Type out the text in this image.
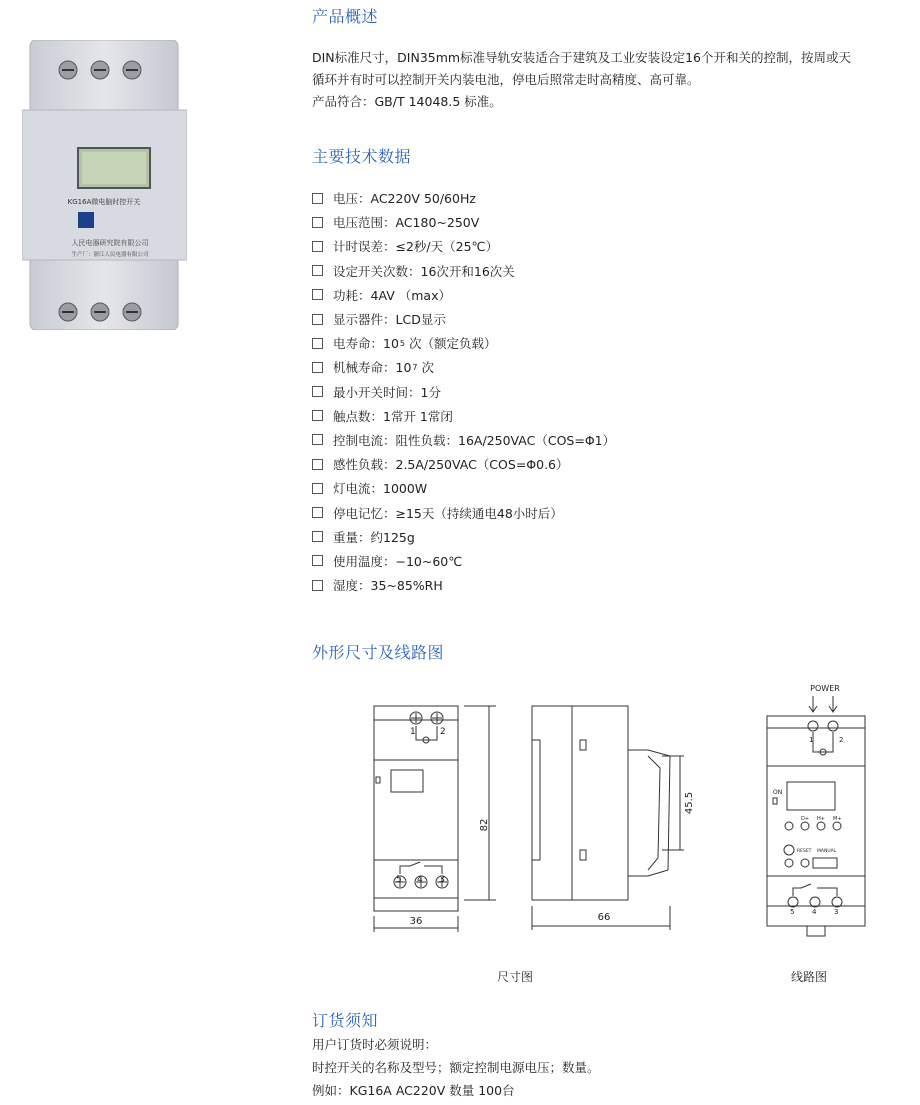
KG16A微电脑时控开关
人民电器研究院有限公司
生产厂：浙江人民电器有限公司
产品概述
DIN标准尺寸，DIN35mm标准导轨安装适合于建筑及工业安装设定16个开和关的控制，按周或天
循环并有时可以控制开关内装电池，停电后照常走时高精度、高可靠。
产品符合：GB/T 14048.5 标准。
主要技术数据
电压：AC220V 50/60Hz
电压范围：AC180~250V
计时误差：≤2秒/天（25℃）
设定开关次数：16次开和16次关
功耗：4AV （max）
显示器件：LCD显示
电寿命：10 5 次（额定负载）
机械寿命：10 7 次
最小开关时间：1分
触点数：1常开 1常闭
控制电流：阻性负载：16A/250VAC（COS=Φ1）
感性负载：2.5A/250VAC（COS=Φ0.6）
灯电流：1000W
停电记忆：≥15天（持续通电48小时后）
重量：约125g
使用温度：−10~60℃
湿度：35~85%RH
外形尺寸及线路图
1	2
5 4 3
82
36
45.5
66
POWER
1	2
ON
D+ H+ M+
RESET MANUAL
5	4	3
尺寸图	线路图
订货须知
用户订货时必须说明：
时控开关的名称及型号；额定控制电源电压；数量。
例如：KG16A AC220V 数量 100台
